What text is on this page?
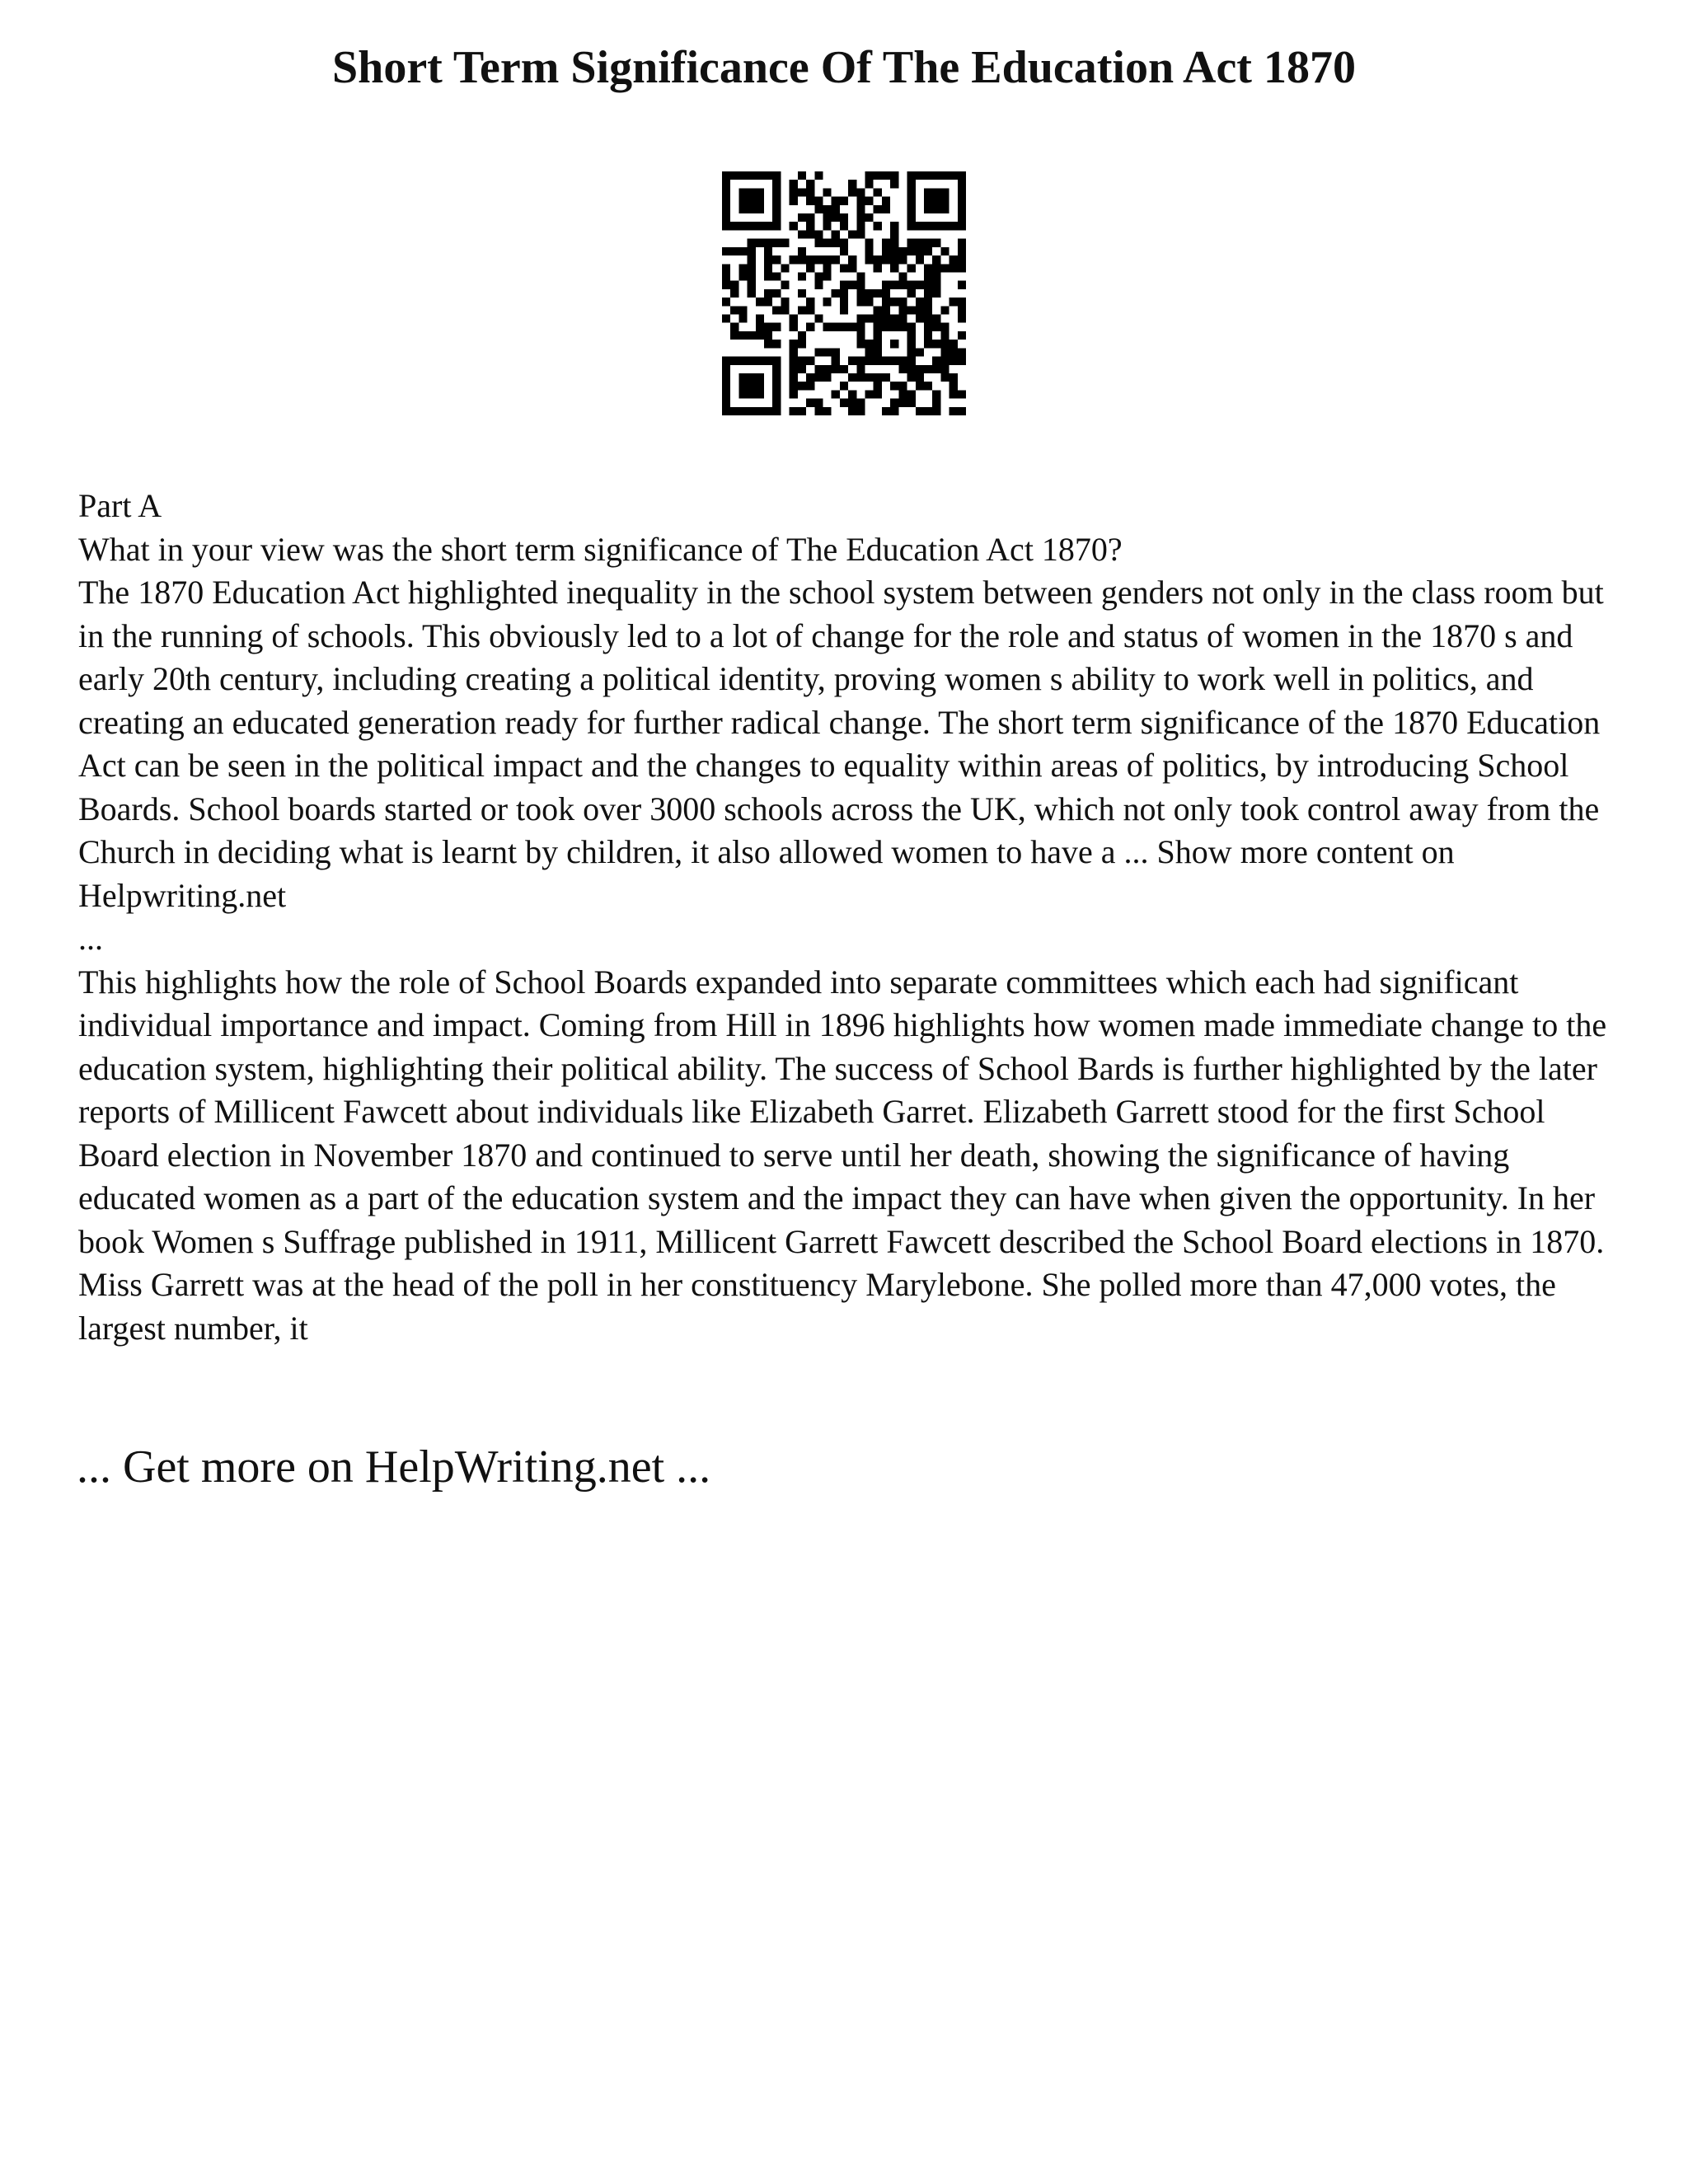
Short Term Significance Of The Education Act 1870

Part A

What in your view was the short term significance of The Education Act 1870?

The 1870 Education Act highlighted inequality in the school system between genders not only in the class room but in the running of schools. This obviously led to a lot of change for the role and status of women in the 1870 s and early 20th century, including creating a political identity, proving women s ability to work well in politics, and creating an educated generation ready for further radical change. The short term significance of the 1870 Education Act can be seen in the political impact and the changes to equality within areas of politics, by introducing School Boards. School boards started or took over 3000 schools across the UK, which not only took control away from the Church in deciding what is learnt by children, it also allowed women to have a ... Show more content on Helpwriting.net

...

This highlights how the role of School Boards expanded into separate committees which each had significant individual importance and impact. Coming from Hill in 1896 highlights how women made immediate change to the education system, highlighting their political ability. The success of School Bards is further highlighted by the later reports of Millicent Fawcett about individuals like Elizabeth Garret. Elizabeth Garrett stood for the first School Board election in November 1870 and continued to serve until her death, showing the significance of having educated women as a part of the education system and the impact they can have when given the opportunity. In her book Women s Suffrage published in 1911, Millicent Garrett Fawcett described the School Board elections in 1870. Miss Garrett was at the head of the poll in her constituency Marylebone. She polled more than 47,000 votes, the largest number, it

... Get more on HelpWriting.net ...
